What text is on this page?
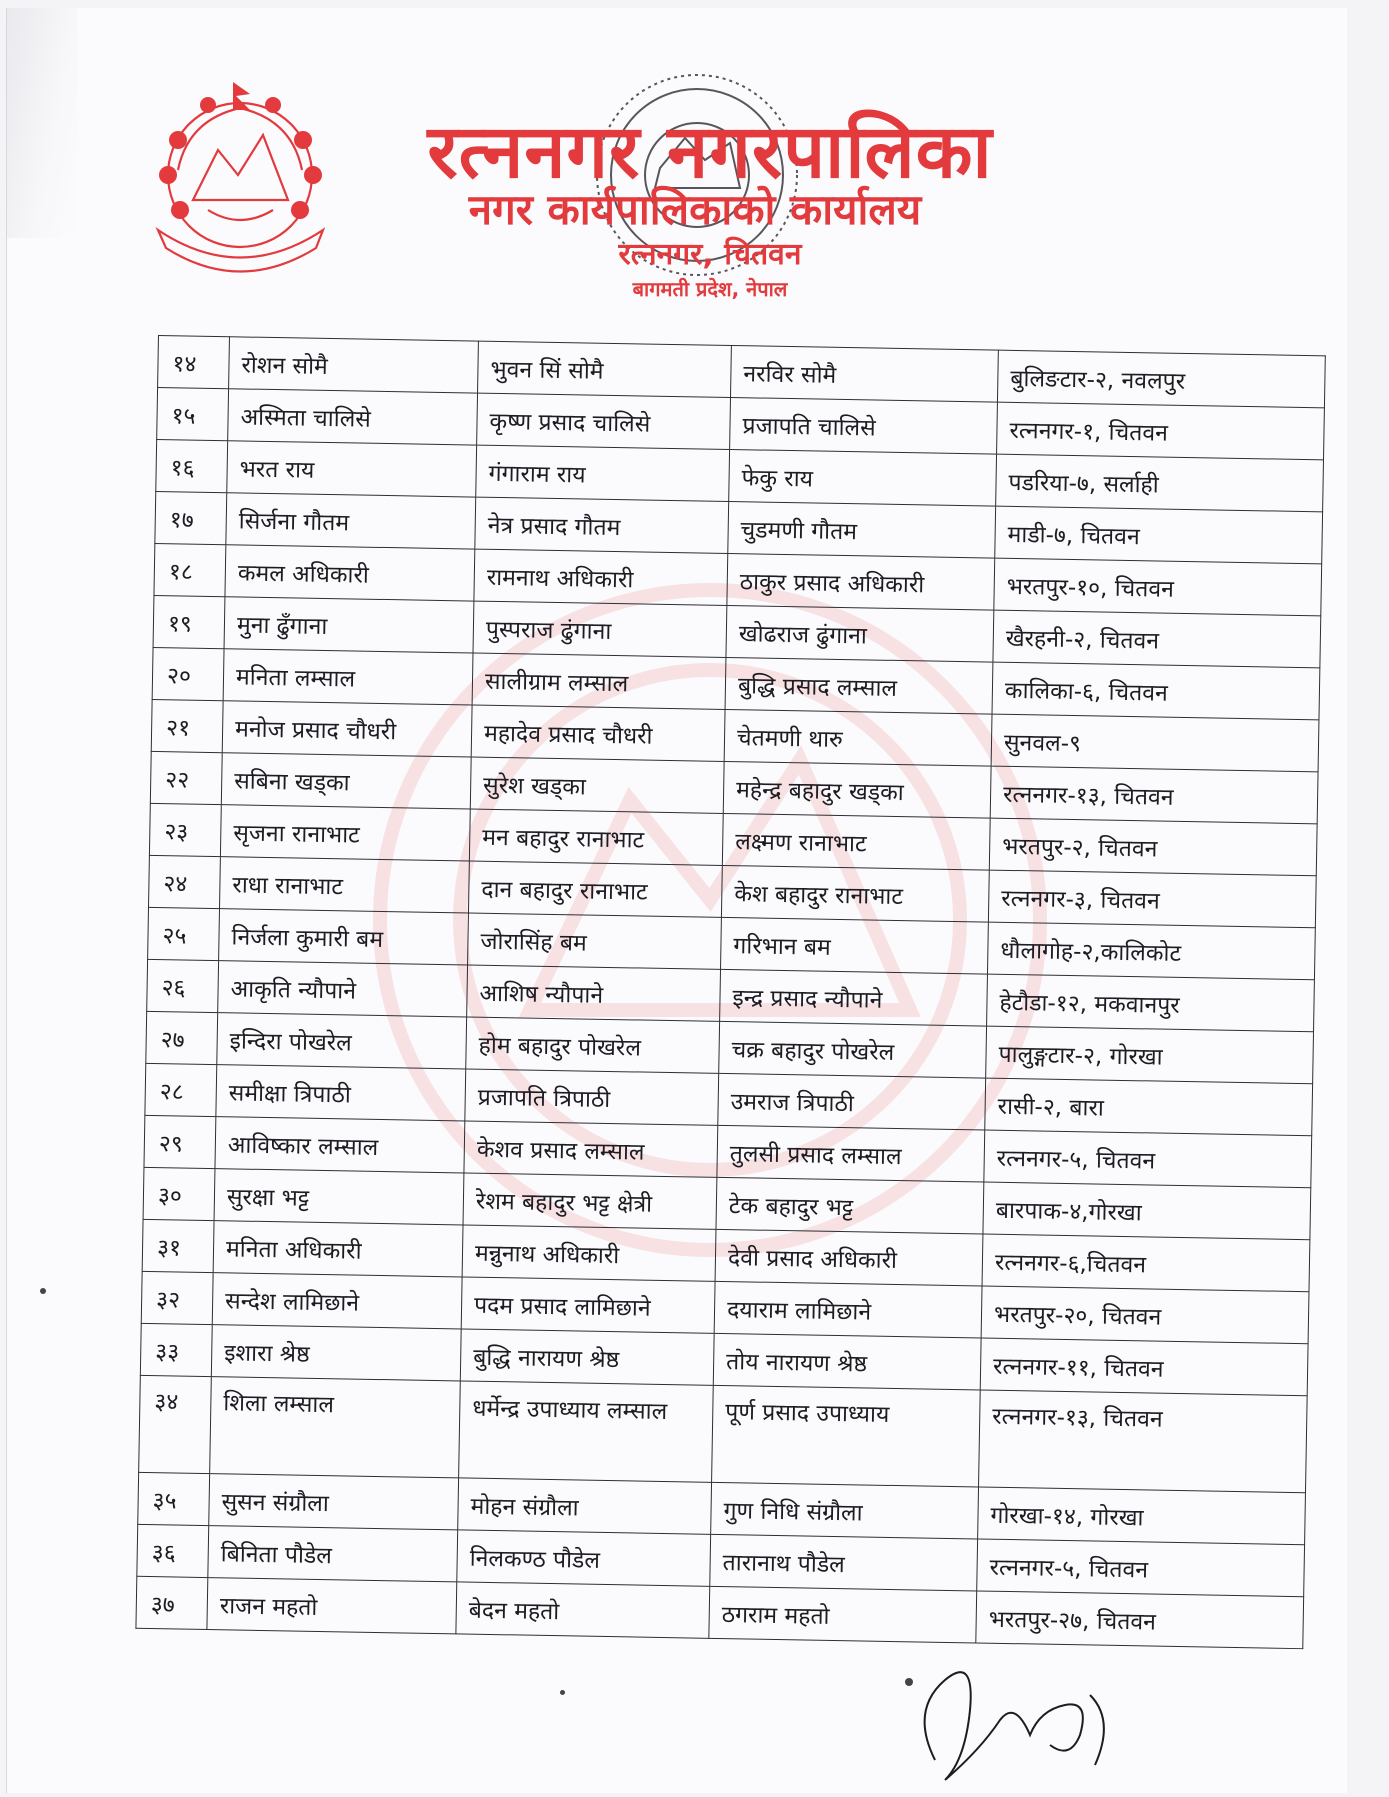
रत्ननगर नगरपालिका
नगर कार्यपालिकाको कार्यालय
रत्ननगर, चितवन
बागमती प्रदेश, नेपाल
१४	रोशन सोमै	भुवन सिं सोमै	नरविर सोमै	बुलिङटार-२, नवलपुर
१५	अस्मिता चालिसे	कृष्ण प्रसाद चालिसे	प्रजापति चालिसे	रत्ननगर-१, चितवन
१६	भरत राय	गंगाराम राय	फेकु राय	पडरिया-७, सर्लाही
१७	सिर्जना गौतम	नेत्र प्रसाद गौतम	चुडमणी गौतम	माडी-७, चितवन
१८	कमल अधिकारी	रामनाथ अधिकारी	ठाकुर प्रसाद अधिकारी	भरतपुर-१०, चितवन
१९	मुना ढुँगाना	पुस्पराज ढुंगाना	खोढराज ढुंगाना	खैरहनी-२, चितवन
२०	मनिता लम्साल	सालीग्राम लम्साल	बुद्धि प्रसाद लम्साल	कालिका-६, चितवन
२१	मनोज प्रसाद चौधरी	महादेव प्रसाद चौधरी	चेतमणी थारु	सुनवल-९
२२	सबिना खड्का	सुरेश खड्का	महेन्द्र बहादुर खड्का	रत्ननगर-१३, चितवन
२३	सृजना रानाभाट	मन बहादुर रानाभाट	लक्ष्मण रानाभाट	भरतपुर-२, चितवन
२४	राधा रानाभाट	दान बहादुर रानाभाट	केश बहादुर रानाभाट	रत्ननगर-३, चितवन
२५	निर्जला कुमारी बम	जोरासिंह बम	गरिभान बम	धौलागोह-२,कालिकोट
२६	आकृति न्यौपाने	आशिष न्यौपाने	इन्द्र प्रसाद न्यौपाने	हेटौडा-१२, मकवानपुर
२७	इन्दिरा पोखरेल	होम बहादुर पोखरेल	चक्र बहादुर पोखरेल	पालुङ्गटार-२, गोरखा
२८	समीक्षा त्रिपाठी	प्रजापति त्रिपाठी	उमराज त्रिपाठी	रासी-२, बारा
२९	आविष्कार लम्साल	केशव प्रसाद लम्साल	तुलसी प्रसाद लम्साल	रत्ननगर-५, चितवन
३०	सुरक्षा भट्ट	रेशम बहादुर भट्ट क्षेत्री	टेक बहादुर भट्ट	बारपाक-४,गोरखा
३१	मनिता अधिकारी	मन्नुनाथ अधिकारी	देवी प्रसाद अधिकारी	रत्ननगर-६,चितवन
३२	सन्देश लामिछाने	पदम प्रसाद लामिछाने	दयाराम लामिछाने	भरतपुर-२०, चितवन
३३	इशारा श्रेष्ठ	बुद्धि नारायण श्रेष्ठ	तोय नारायण श्रेष्ठ	रत्ननगर-११, चितवन
३४	शिला लम्साल	धर्मेन्द्र उपाध्याय लम्साल	पूर्ण प्रसाद उपाध्याय	रत्ननगर-१३, चितवन
३५	सुसन संग्रौला	मोहन संग्रौला	गुण निधि संग्रौला	गोरखा-१४, गोरखा
३६	बिनिता पौडेल	निलकण्ठ पौडेल	तारानाथ पौडेल	रत्ननगर-५, चितवन
३७	राजन महतो	बेदन महतो	ठगराम महतो	भरतपुर-२७, चितवन
